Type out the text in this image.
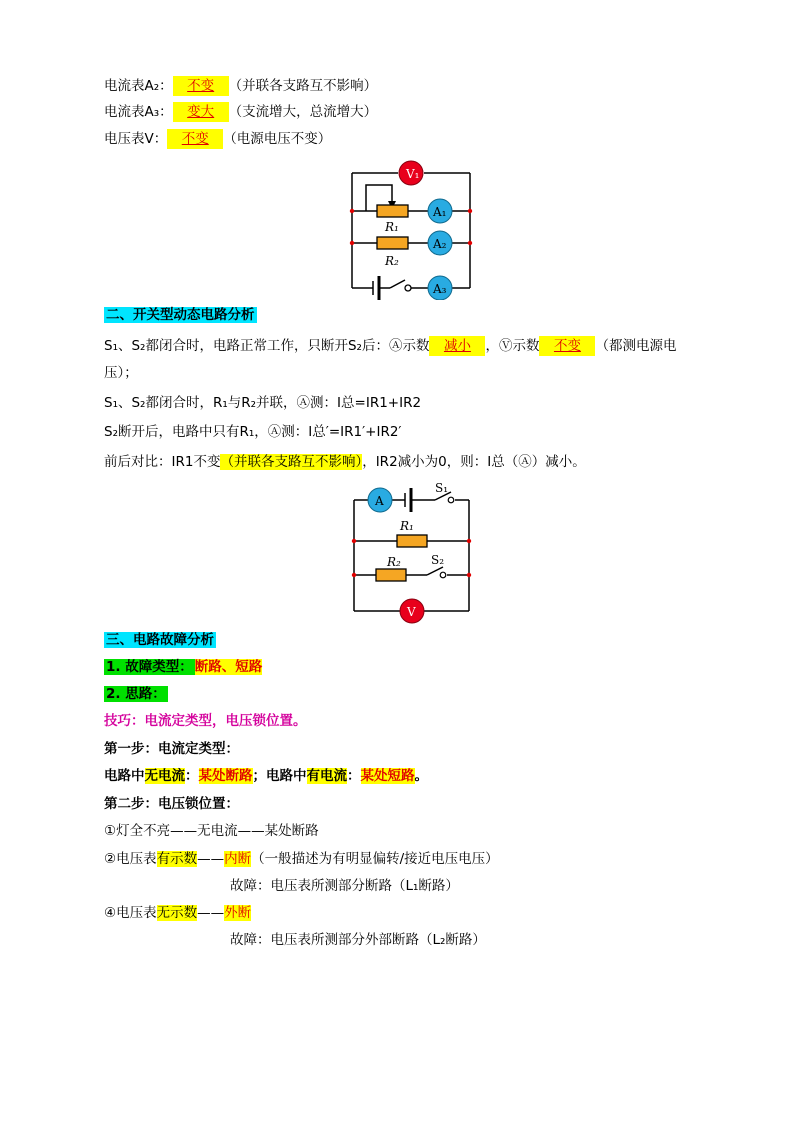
电流表A₂： 不变 （并联各支路互不影响）
电流表A₃： 变大 （支流增大，总流增大）
电压表V： 不变 （电源电压不变）
V₁
A₁
A₂
A₃
R₁
R₂
二、开关型动态电路分析
S₁、S₂都闭合时，电路正常工作，只断开S₂后：Ⓐ示数 减小 ，Ⓥ示数 不变 （都测电源电
压）；
S₁、S₂都闭合时，R₁与R₂并联，Ⓐ测：I总=IR1+IR2
S₂断开后，电路中只有R₁，Ⓐ测：I总′=IR1′+IR2′
前后对比：IR1不变（并联各支路互不影响），IR2减小为0，则：I总（Ⓐ）减小。
A
V
S₁
R₁
R₂	S₂
三、电路故障分析
1. 故障类型： 断路、短路
2. 思路：
技巧：电流定类型，电压锁位置。
第一步：电流定类型：
电路中无电流：某处断路；电路中有电流：某处短路。
第二步：电压锁位置：
①灯全不亮——无电流——某处断路
②电压表有示数——内断（一般描述为有明显偏转/接近电压电压）
故障：电压表所测部分断路（L₁断路）
④电压表无示数——外断
故障：电压表所测部分外部断路（L₂断路）
